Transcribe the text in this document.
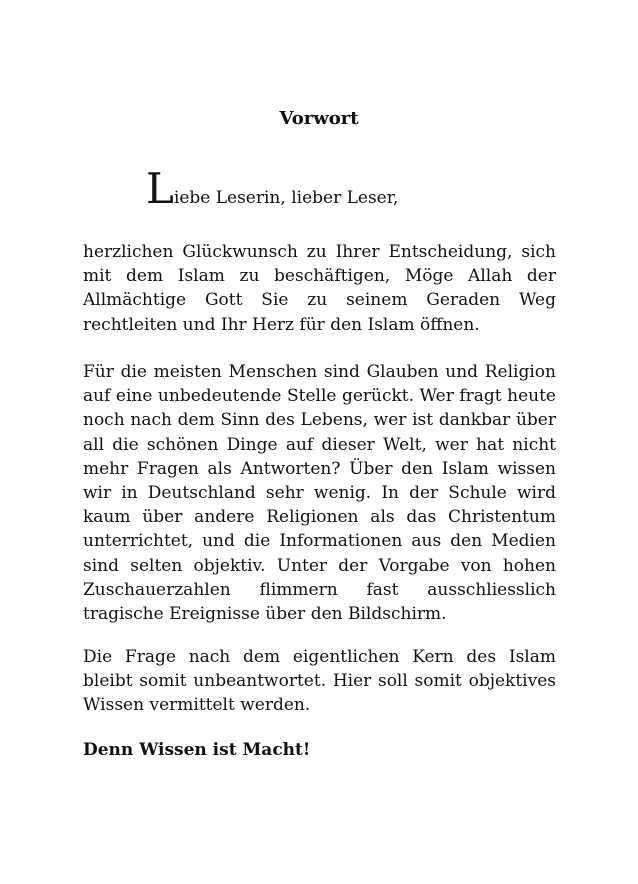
Vorwort

Liebe Leserin, lieber Leser,

herzlichen Glückwunsch zu Ihrer Entscheidung, sich mit dem Islam zu beschäftigen, Möge Allah der Allmächtige Gott Sie zu seinem Geraden Weg rechtleiten und Ihr Herz für den Islam öffnen.

Für die meisten Menschen sind Glauben und Religion auf eine unbedeutende Stelle gerückt. Wer fragt heute noch nach dem Sinn des Lebens, wer ist dankbar über all die schönen Dinge auf dieser Welt, wer hat nicht mehr Fragen als Antworten? Über den Islam wissen wir in Deutschland sehr wenig. In der Schule wird kaum über andere Religionen als das Christentum unterrichtet, und die Informationen aus den Medien sind selten objektiv. Unter der Vorgabe von hohen Zuschauerzahlen flimmern fast ausschliesslich tragische Ereignisse über den Bildschirm.

Die Frage nach dem eigentlichen Kern des Islam bleibt somit unbeantwortet. Hier soll somit objektives Wissen vermittelt werden.

Denn Wissen ist Macht!
